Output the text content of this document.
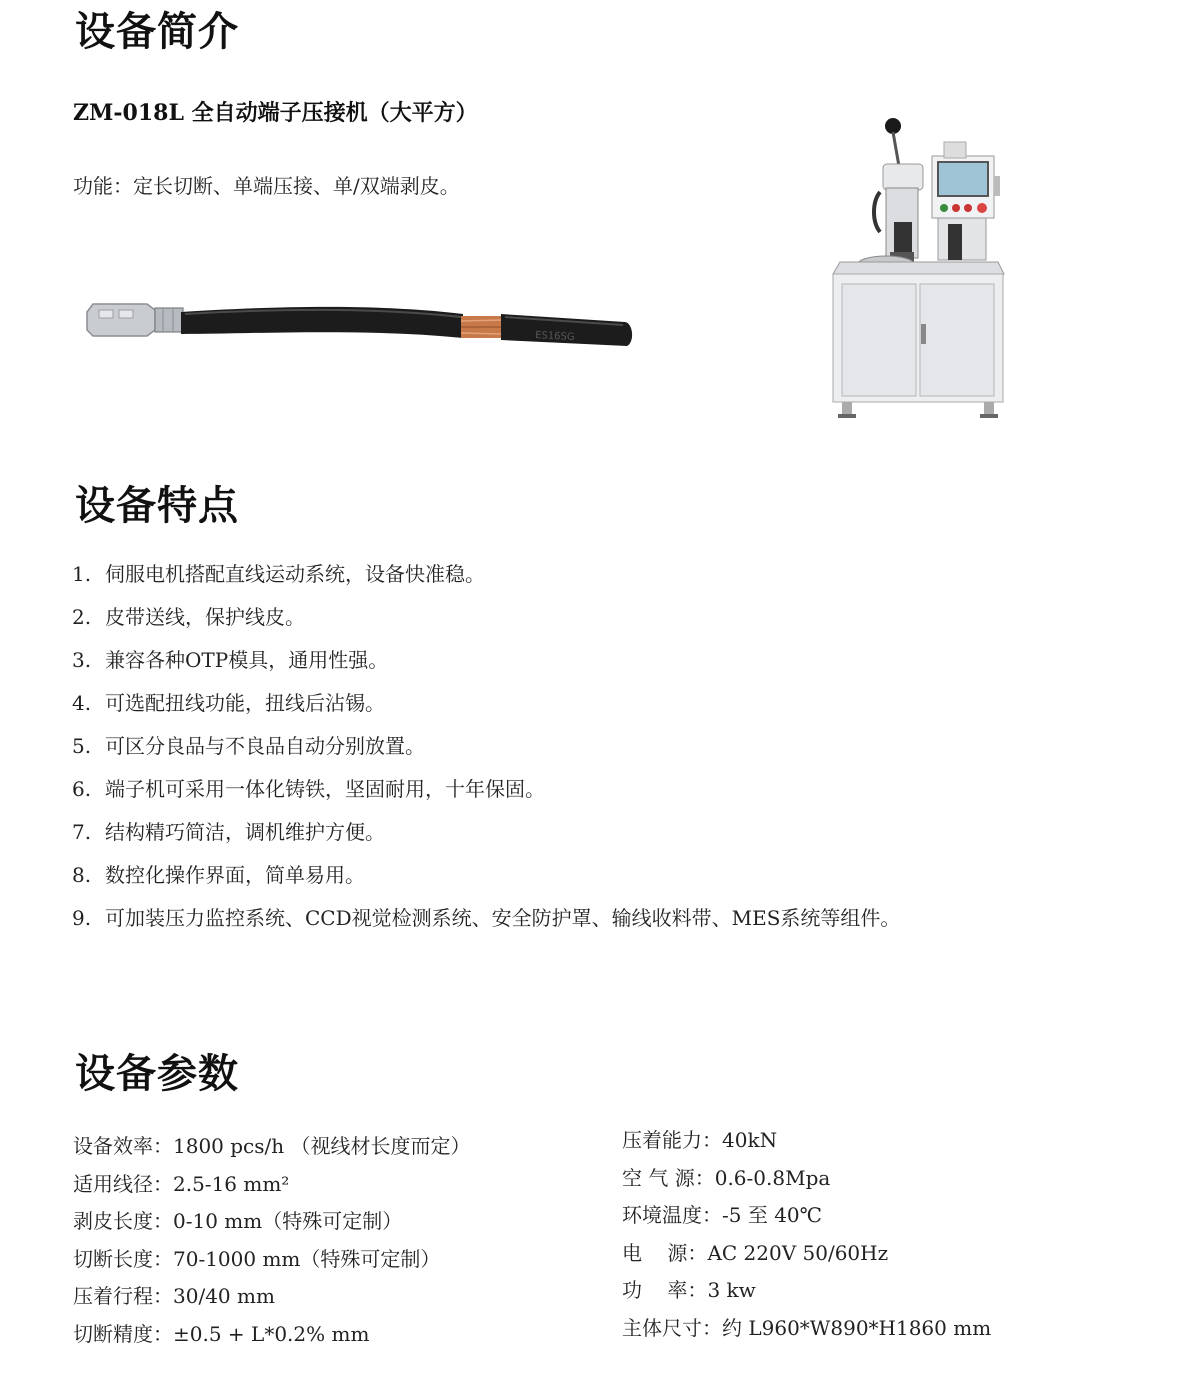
设备简介
ZM-018L 全自动端子压接机（大平方）
功能：定长切断、单端压接、单/双端剥皮。
ES16SG
设备特点
1. 伺服电机搭配直线运动系统，设备快准稳。
2. 皮带送线，保护线皮。
3. 兼容各种OTP模具，通用性强。
4. 可选配扭线功能，扭线后沾锡。
5. 可区分良品与不良品自动分别放置。
6. 端子机可采用一体化铸铁，坚固耐用，十年保固。
7. 结构精巧简洁，调机维护方便。
8. 数控化操作界面，简单易用。
9. 可加装压力监控系统、CCD视觉检测系统、安全防护罩、输线收料带、MES系统等组件。
设备参数
设备效率：1800 pcs/h （视线材长度而定）
适用线径：2.5-16 mm²
剥皮长度：0-10 mm（特殊可定制）
切断长度：70-1000 mm（特殊可定制）
压着行程：30/40 mm
切断精度：±0.5 + L*0.2% mm
压着能力：40kN
空 气 源：0.6-0.8Mpa
环境温度：-5 至 40℃
电    源：AC 220V 50/60Hz
功    率：3 kw
主体尺寸：约 L960*W890*H1860 mm
